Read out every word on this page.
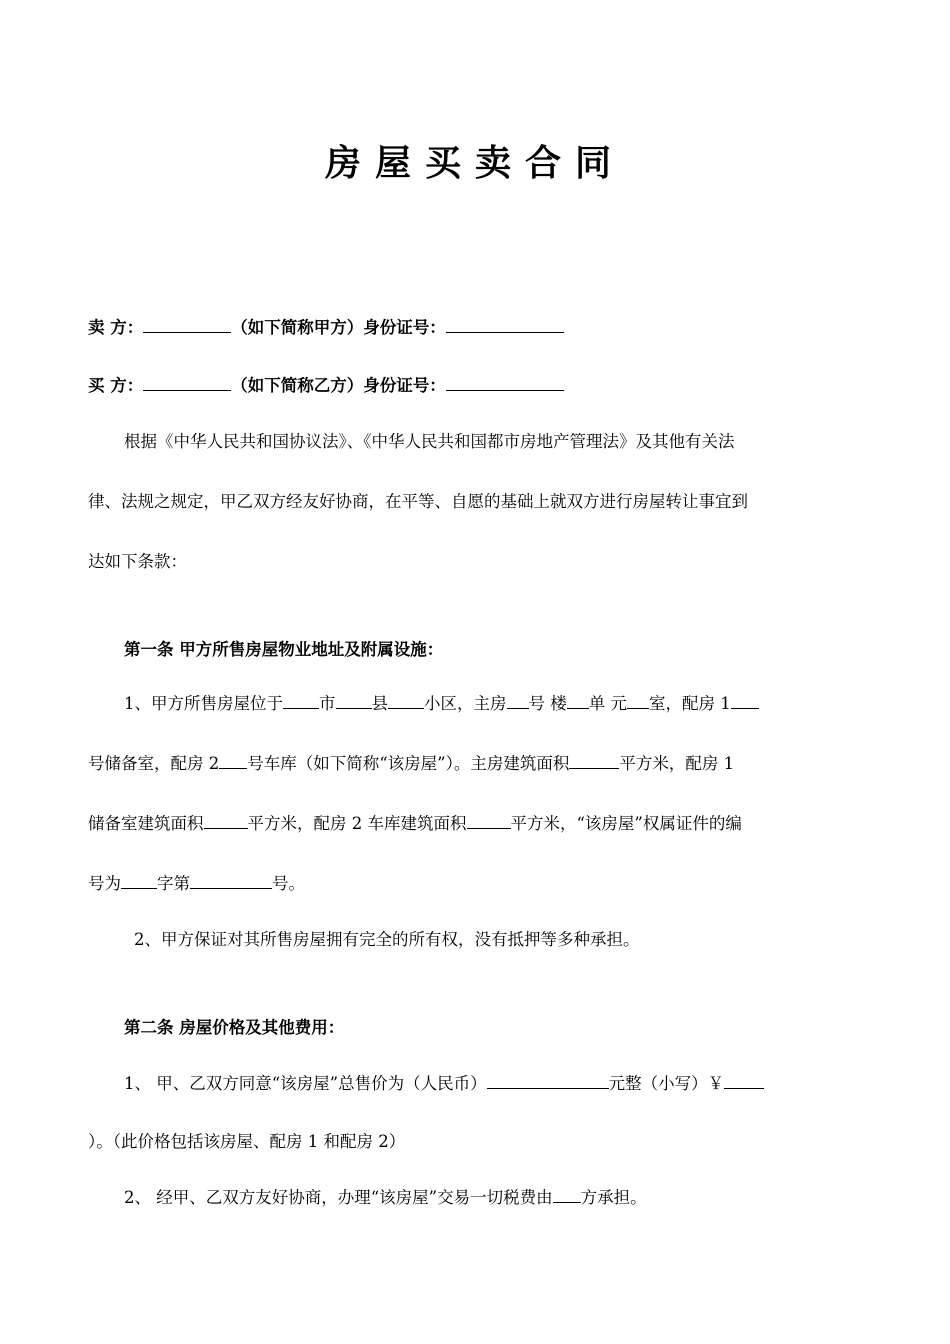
房屋买卖合同
卖 方：	（如下简称甲方）身份证号：
买 方：	（如下简称乙方）身份证号：
根据《中华人民共和国协议法》、《中华人民共和国都市房地产管理法》及其他有关法
律、法规之规定，甲乙双方经友好协商，在平等、自愿的基础上就双方进行房屋转让事宜到
达如下条款：
第一条 甲方所售房屋物业地址及附属设施：
1、甲方所售房屋位于 市 县 小区，主房 号 楼 单 元 室，配房 1
号储备室，配房 2 号车库（如下简称“该房屋”）。主房建筑面积	平方米，配房 1
储备室建筑面积	平方米，配房 2 车库建筑面积	平方米，“该房屋”权属证件的编
号为 字第	号。
2、甲方保证对其所售房屋拥有完全的所有权，没有抵押等多种承担。
第二条 房屋价格及其他费用：
1、 甲、乙双方同意“该房屋”总售价为（人民币）	元整（小写）￥
）。（此价格包括该房屋、配房 1 和配房 2）
2、 经甲、乙双方友好协商，办理“该房屋”交易一切税费由 方承担。
